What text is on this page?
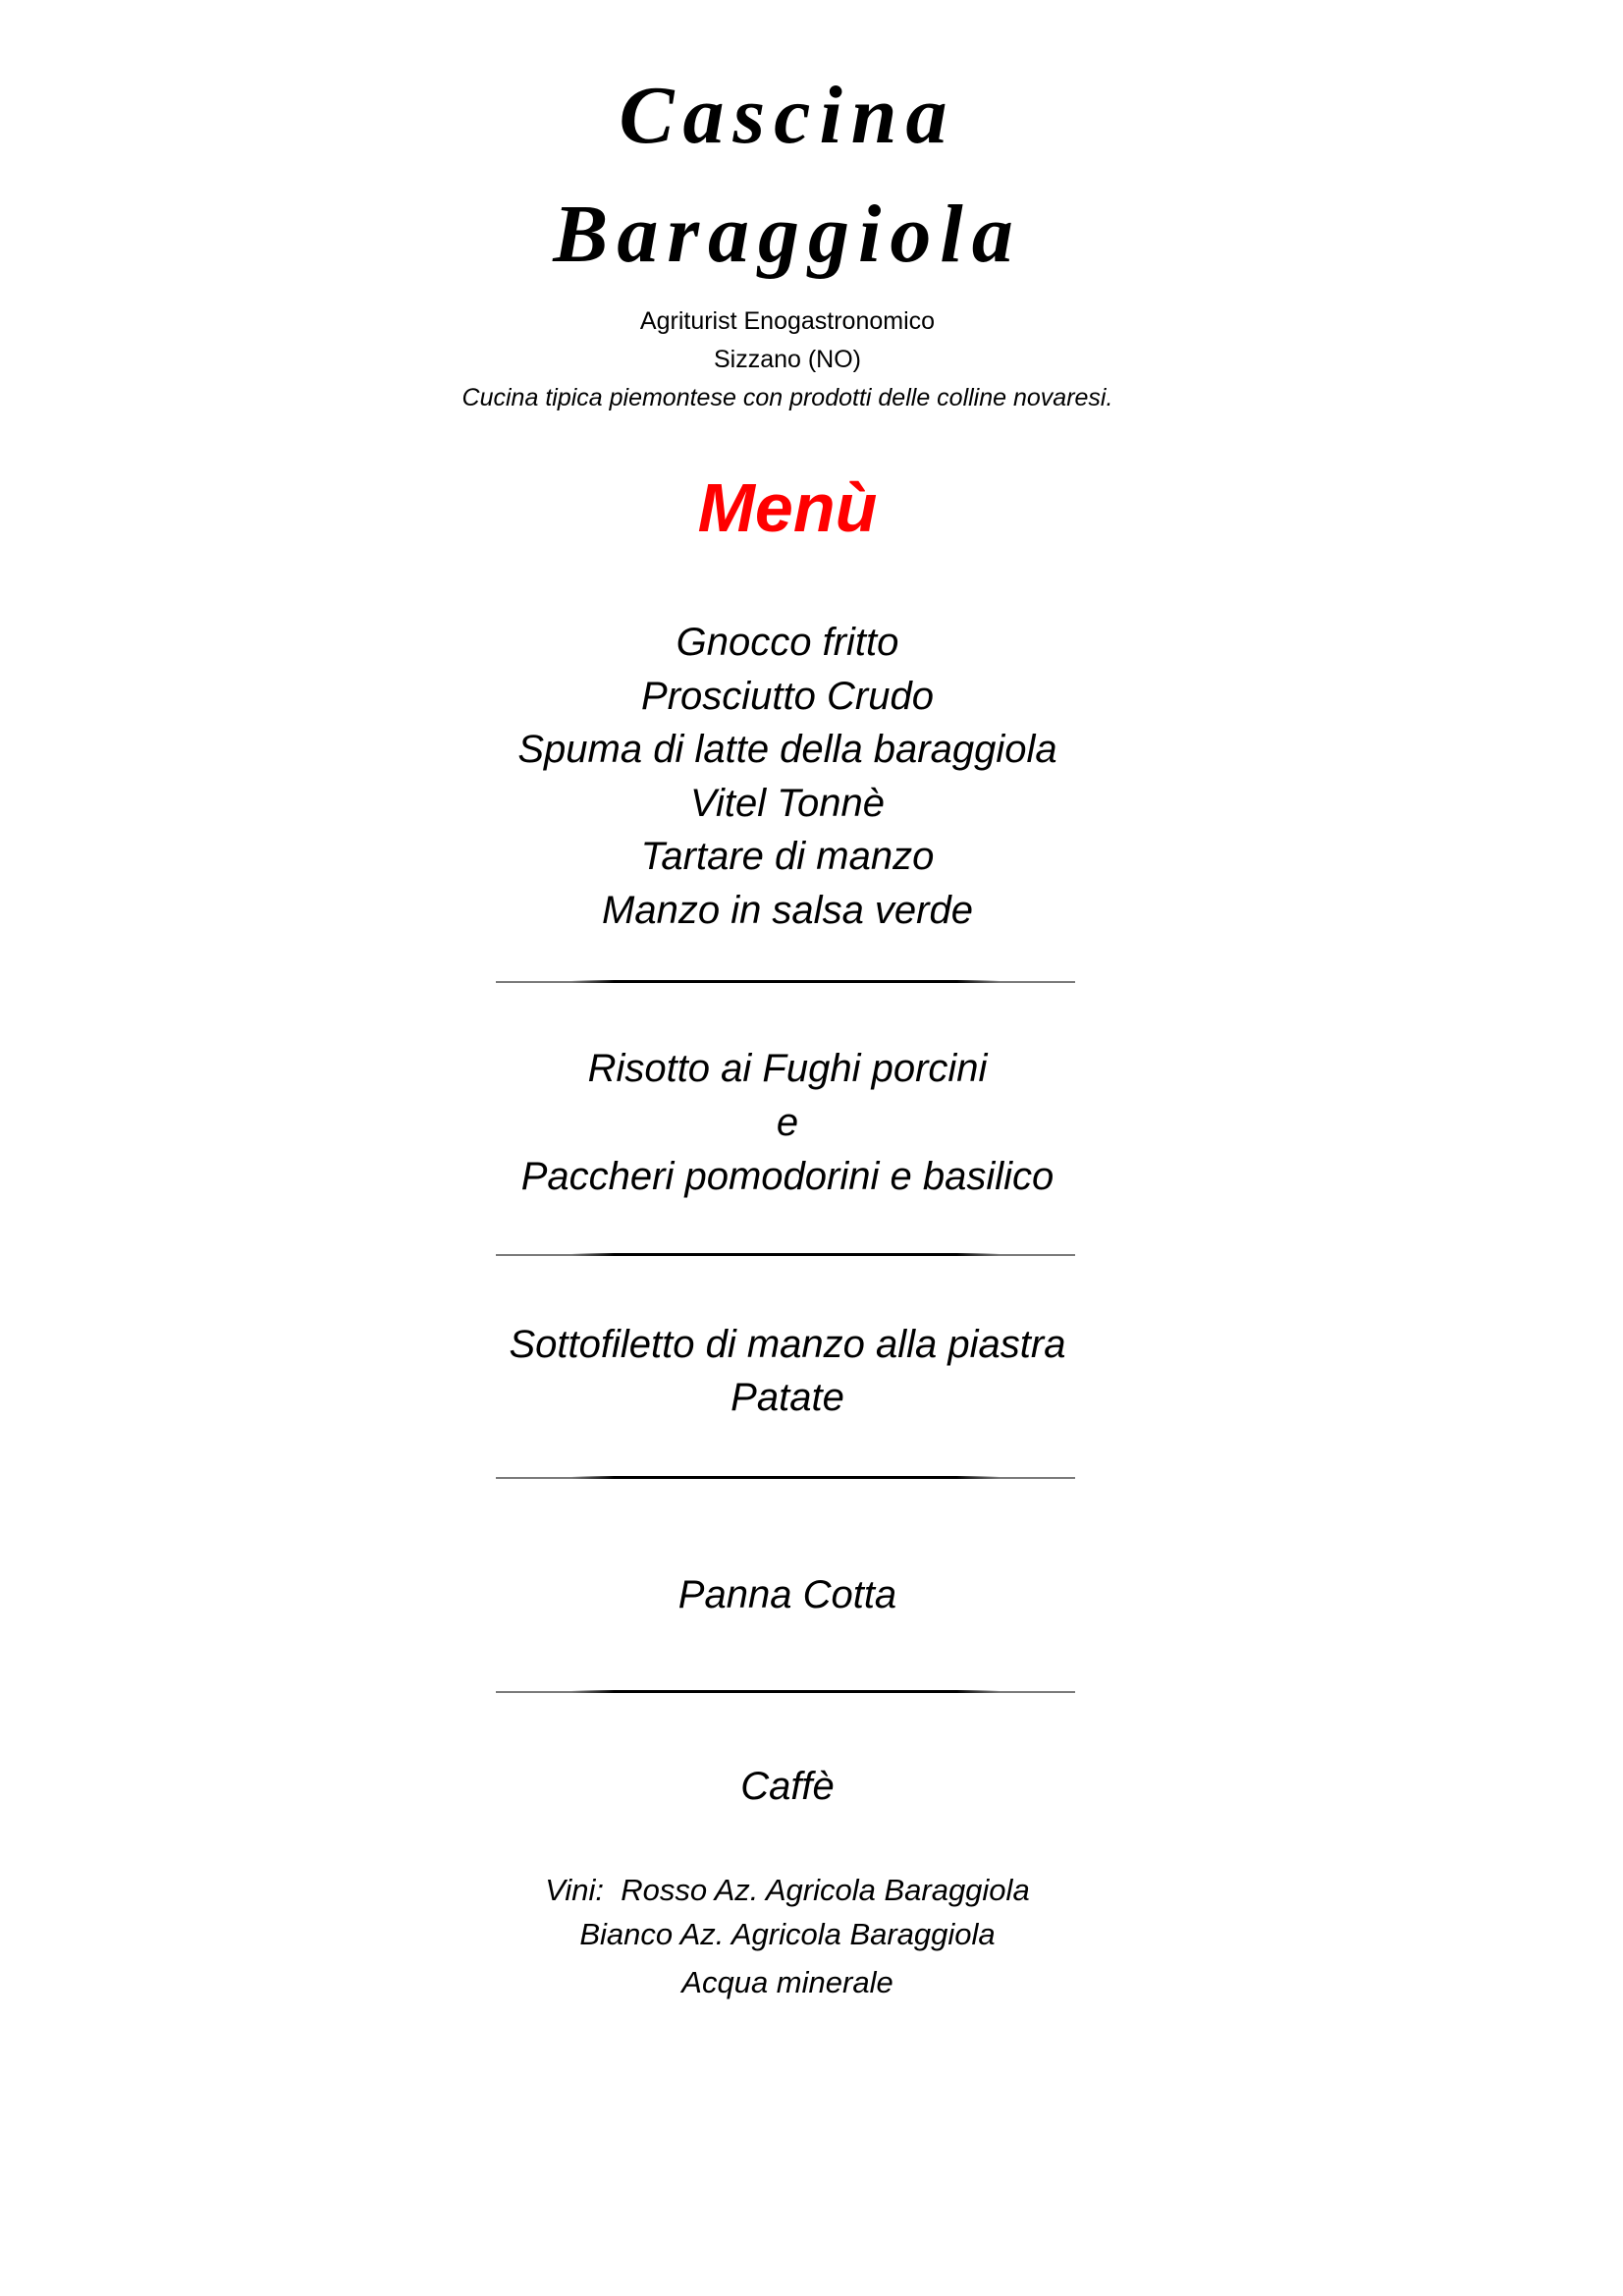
Cascina
Baraggiola
Agriturist Enogastronomico
Sizzano (NO)
Cucina tipica piemontese con prodotti delle colline novaresi.
Menù
Gnocco fritto
Prosciutto Crudo
Spuma di latte della baraggiola
Vitel Tonnè
Tartare di manzo
Manzo in salsa verde
Risotto ai Fughi porcini
e
Paccheri pomodorini e basilico
Sottofiletto di manzo alla piastra
Patate
Panna Cotta
Caffè
Vini:  Rosso Az. Agricola Baraggiola
Bianco Az. Agricola Baraggiola
Acqua minerale
